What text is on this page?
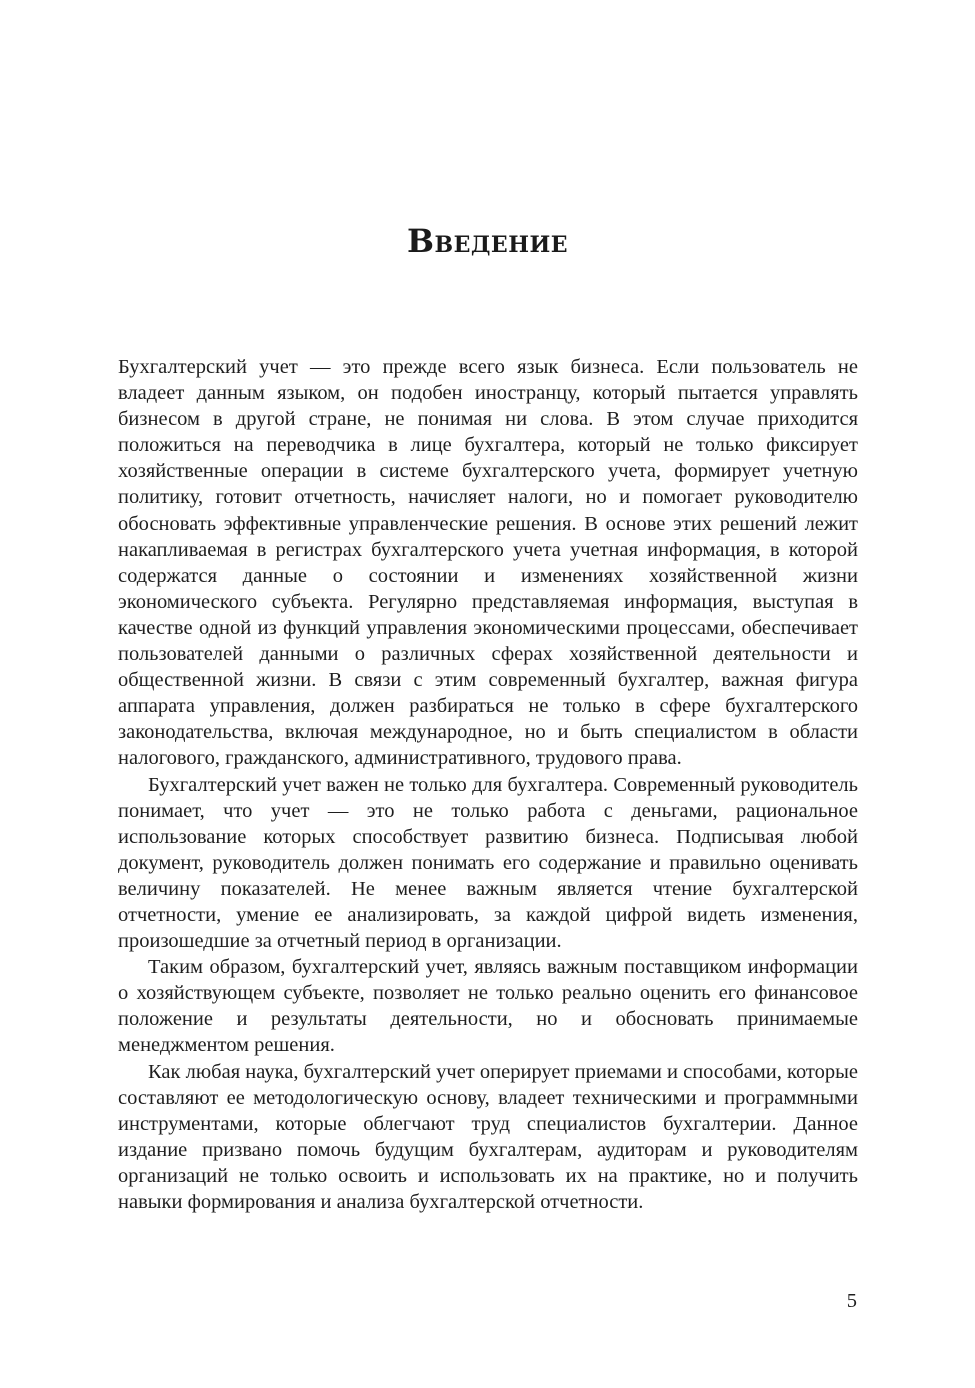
Введение

Бухгалтерский учет — это прежде всего язык бизнеса. Если пользователь не владеет данным языком, он подобен иностранцу, который пытается управлять бизнесом в другой стране, не понимая ни слова. В этом случае приходится положиться на переводчика в лице бухгалтера, который не только фиксирует хозяйственные операции в системе бухгалтерского учета, формирует учетную политику, готовит отчетность, начисляет налоги, но и помогает руководителю обосновать эффективные управленческие решения. В основе этих решений лежит накапливаемая в регистрах бухгалтерского учета учетная информация, в которой содержатся данные о состоянии и изменениях хозяйственной жизни экономического субъекта. Регулярно представляемая информация, выступая в качестве одной из функций управления экономическими процессами, обеспечивает пользователей данными о различных сферах хозяйственной деятельности и общественной жизни. В связи с этим современный бухгалтер, важная фигура аппарата управления, должен разбираться не только в сфере бухгалтерского законодательства, включая международное, но и быть специалистом в области налогового, гражданского, административного, трудового права.

Бухгалтерский учет важен не только для бухгалтера. Современный руководитель понимает, что учет — это не только работа с деньгами, рациональное использование которых способствует развитию бизнеса. Подписывая любой документ, руководитель должен понимать его содержание и правильно оценивать величину показателей. Не менее важным является чтение бухгалтерской отчетности, умение ее анализировать, за каждой цифрой видеть изменения, произошедшие за отчетный период в организации.

Таким образом, бухгалтерский учет, являясь важным поставщиком информации о хозяйствующем субъекте, позволяет не только реально оценить его финансовое положение и результаты деятельности, но и обосновать принимаемые менеджментом решения.

Как любая наука, бухгалтерский учет оперирует приемами и способами, которые составляют ее методологическую основу, владеет техническими и программными инструментами, которые облегчают труд специалистов бухгалтерии. Данное издание призвано помочь будущим бухгалтерам, аудиторам и руководителям организаций не только освоить и использовать их на практике, но и получить навыки формирования и анализа бухгалтерской отчетности.

5
